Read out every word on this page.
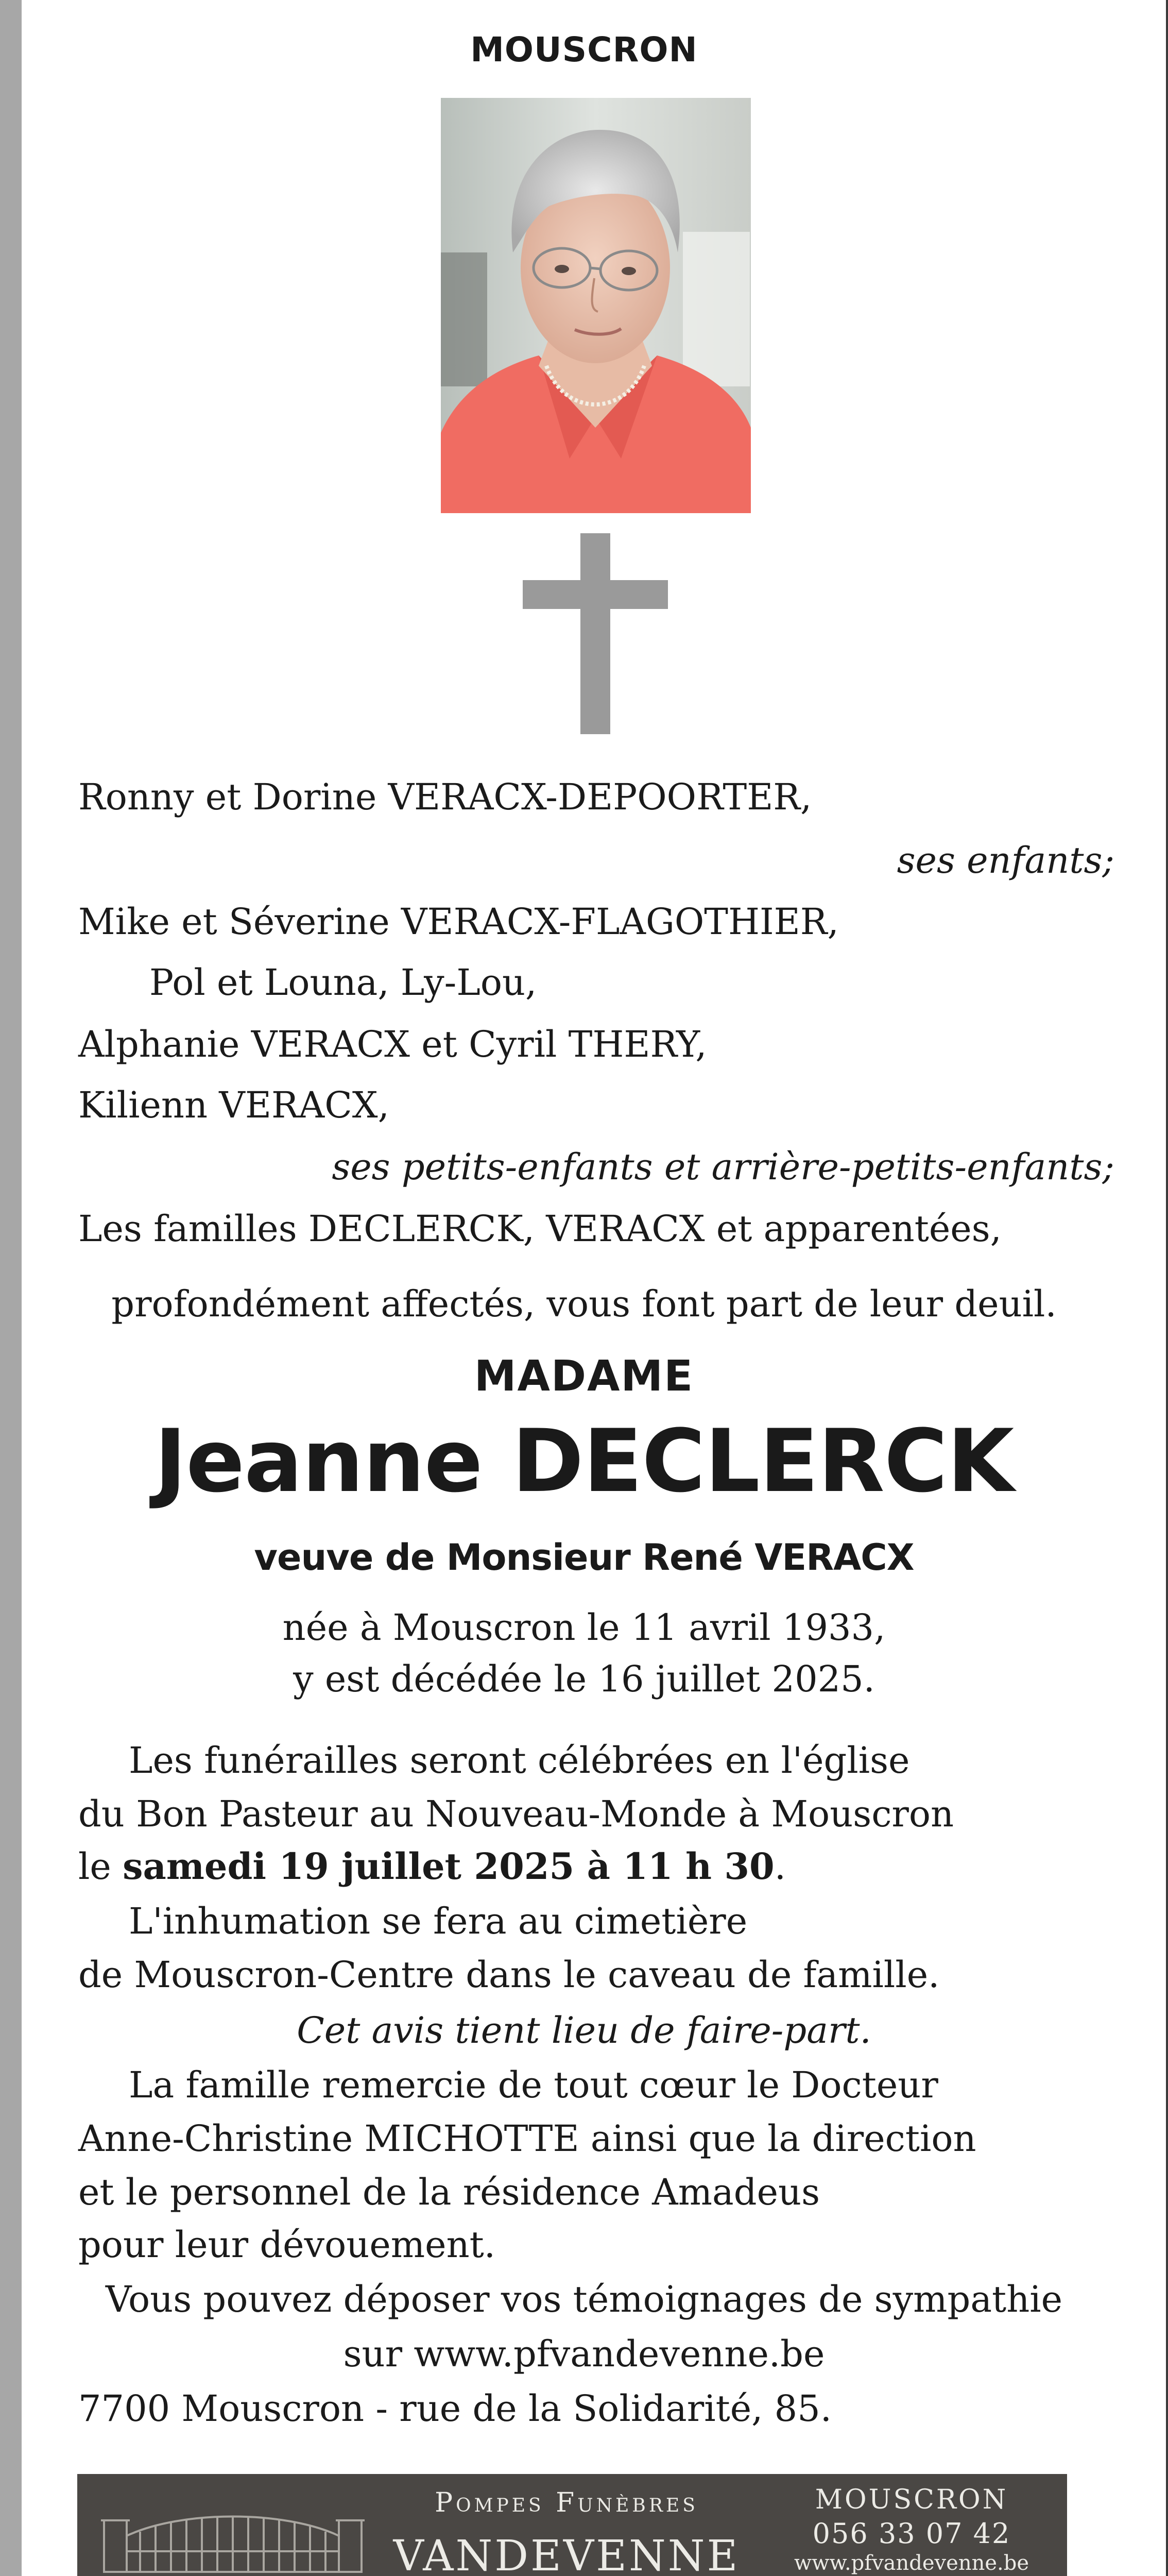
MOUSCRON
Ronny et Dorine VERACX-DEPOORTER,
ses enfants;
Mike et Séverine VERACX-FLAGOTHIER,
Pol et Louna, Ly-Lou,
Alphanie VERACX et Cyril THERY,
Kilienn VERACX,
ses petits-enfants et arrière-petits-enfants;
Les familles DECLERCK, VERACX et apparentées,
profondément affectés, vous font part de leur deuil.
MADAME
Jeanne DECLERCK
veuve de Monsieur René VERACX
née à Mouscron le 11 avril 1933,
y est décédée le 16 juillet 2025.
Les funérailles seront célébrées en l'église
du Bon Pasteur au Nouveau-Monde à Mouscron
le samedi 19 juillet 2025 à 11 h 30.
L'inhumation se fera au cimetière
de Mouscron-Centre dans le caveau de famille.
Cet avis tient lieu de faire-part.
La famille remercie de tout cœur le Docteur
Anne-Christine MICHOTTE ainsi que la direction
et le personnel de la résidence Amadeus
pour leur dévouement.
Vous pouvez déposer vos témoignages de sympathie
sur www.pfvandevenne.be
7700 Mouscron - rue de la Solidarité, 85.
Pompes Funèbres
VANDEVENNE
MOUSCRON
056 33 07 42
www.pfvandevenne.be
